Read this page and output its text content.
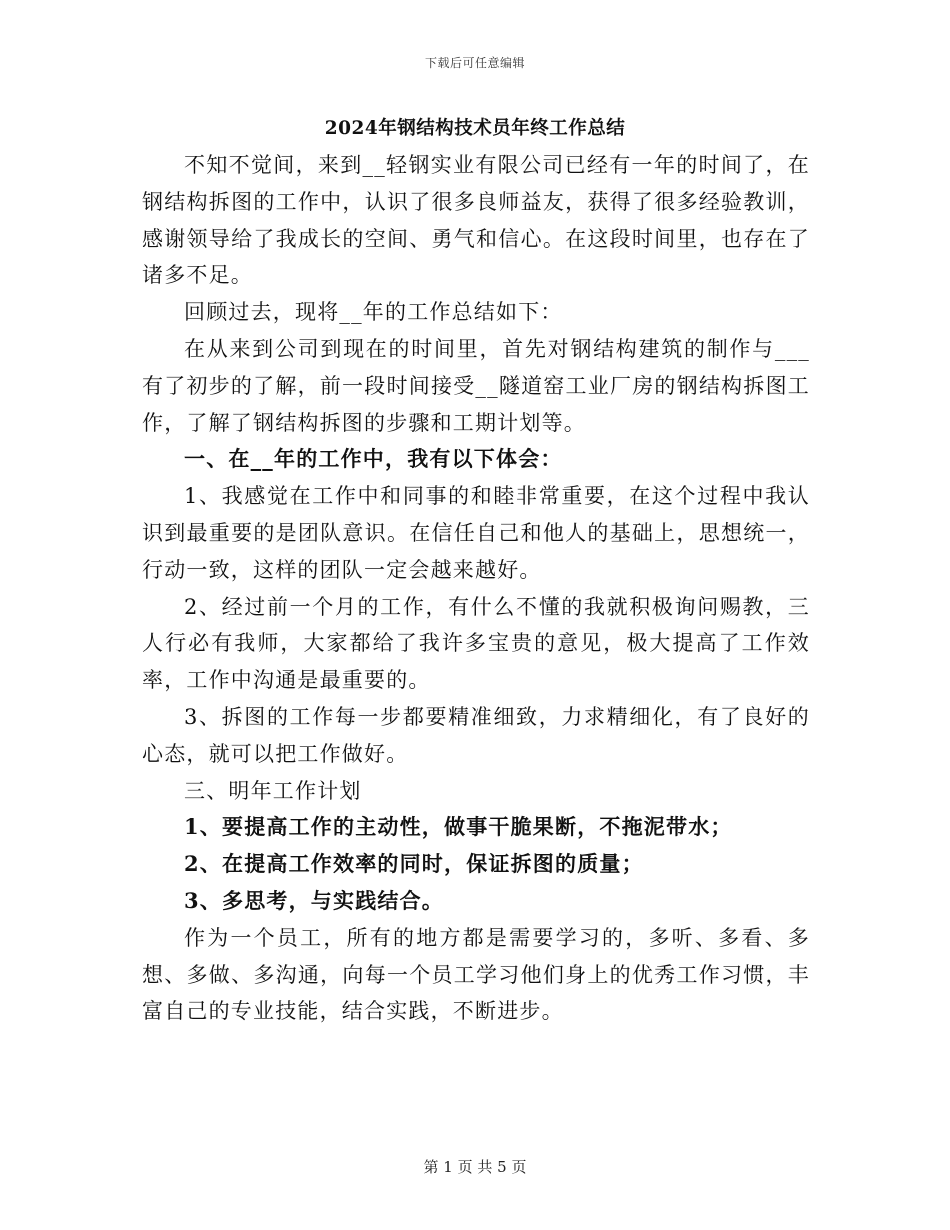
下载后可任意编辑
2024年钢结构技术员年终工作总结

不知不觉间，来到__轻钢实业有限公司已经有一年的时间了，在钢结构拆图的工作中，认识了很多良师益友，获得了很多经验教训，感谢领导给了我成长的空间、勇气和信心。在这段时间里，也存在了诸多不足。

回顾过去，现将__年的工作总结如下：

在从来到公司到现在的时间里，首先对钢结构建筑的制作与___有了初步的了解，前一段时间接受__隧道窑工业厂房的钢结构拆图工作，了解了钢结构拆图的步骤和工期计划等。

一、在__年的工作中，我有以下体会：

1、我感觉在工作中和同事的和睦非常重要，在这个过程中我认识到最重要的是团队意识。在信任自己和他人的基础上，思想统一，行动一致，这样的团队一定会越来越好。

2、经过前一个月的工作，有什么不懂的我就积极询问赐教，三人行必有我师，大家都给了我许多宝贵的意见，极大提高了工作效率，工作中沟通是最重要的。

3、拆图的工作每一步都要精准细致，力求精细化，有了良好的心态，就可以把工作做好。

三、明年工作计划

1、要提高工作的主动性，做事干脆果断，不拖泥带水；

2、在提高工作效率的同时，保证拆图的质量；

3、多思考，与实践结合。

作为一个员工，所有的地方都是需要学习的，多听、多看、多想、多做、多沟通，向每一个员工学习他们身上的优秀工作习惯，丰富自己的专业技能，结合实践，不断进步。

第 1 页 共 5 页
